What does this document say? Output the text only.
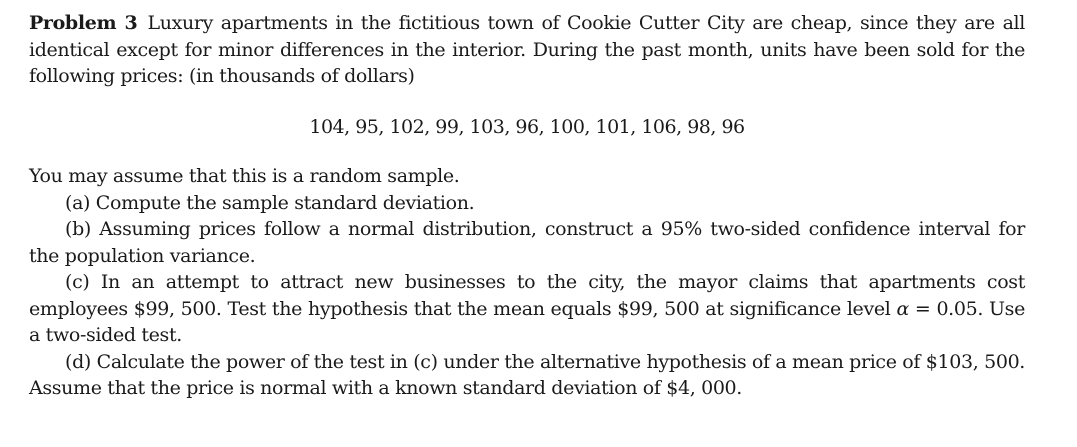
Problem 3 Luxury apartments in the fictitious town of Cookie Cutter City are cheap, since they are all identical except for minor differences in the interior. During the past month, units have been sold for the following prices: (in thousands of dollars)

104, 95, 102, 99, 103, 96, 100, 101, 106, 98, 96

You may assume that this is a random sample.

(a) Compute the sample standard deviation.

(b) Assuming prices follow a normal distribution, construct a 95% two-sided confidence interval for the population variance.

(c) In an attempt to attract new businesses to the city, the mayor claims that apartments cost employees $99, 500. Test the hypothesis that the mean equals $99, 500 at significance level α = 0.05. Use a two-sided test.

(d) Calculate the power of the test in (c) under the alternative hypothesis of a mean price of $103, 500. Assume that the price is normal with a known standard deviation of $4, 000.
